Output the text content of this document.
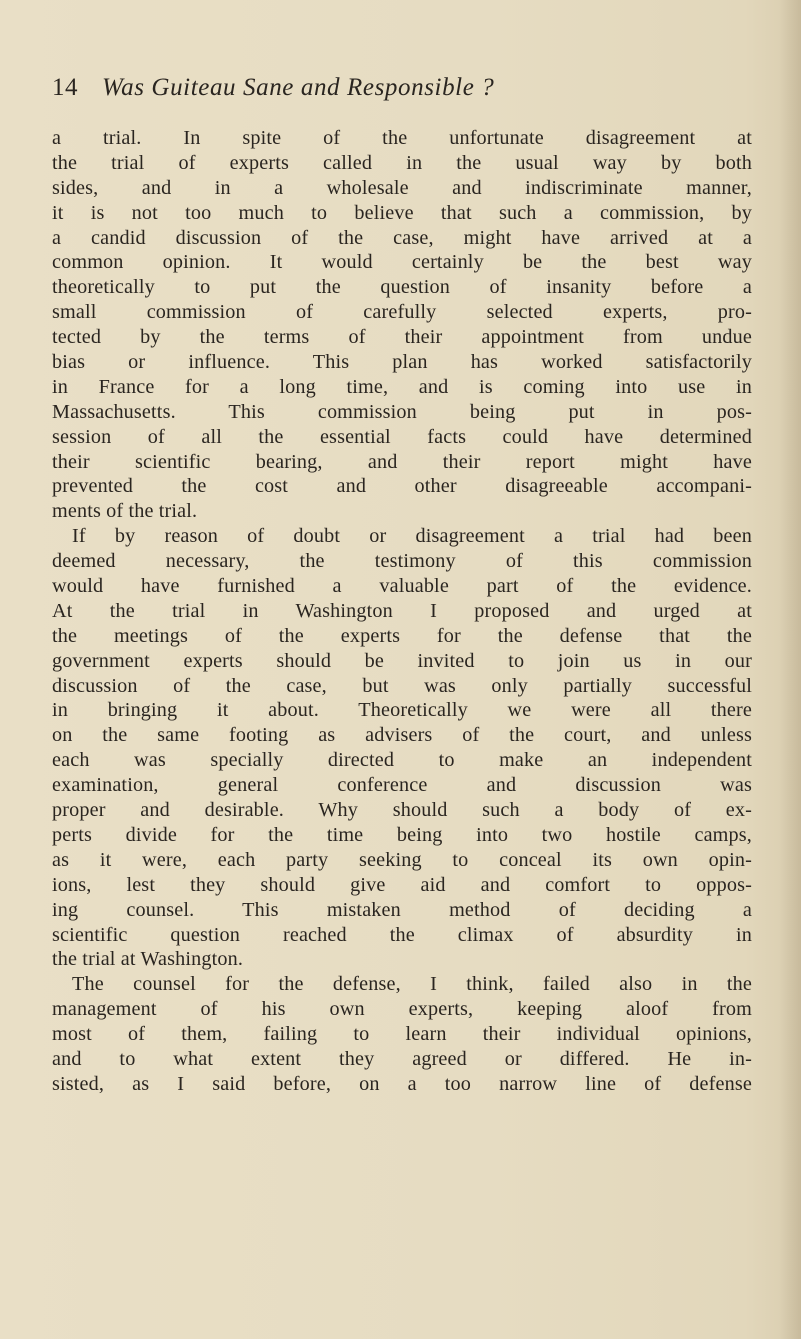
14 Was Guiteau Sane and Responsible ?
a trial. In spite of the unfortunate disagreement at
the trial of experts called in the usual way by both
sides, and in a wholesale and indiscriminate manner,
it is not too much to believe that such a commission, by
a candid discussion of the case, might have arrived at a
common opinion. It would certainly be the best way
theoretically to put the question of insanity before a
small commission of carefully selected experts, pro-
tected by the terms of their appointment from undue
bias or influence. This plan has worked satisfactorily
in France for a long time, and is coming into use in
Massachusetts. This commission being put in pos-
session of all the essential facts could have determined
their scientific bearing, and their report might have
prevented the cost and other disagreeable accompani-
ments of the trial.
If by reason of doubt or disagreement a trial had been
deemed necessary, the testimony of this commission
would have furnished a valuable part of the evidence.
At the trial in Washington I proposed and urged at
the meetings of the experts for the defense that the
government experts should be invited to join us in our
discussion of the case, but was only partially successful
in bringing it about. Theoretically we were all there
on the same footing as advisers of the court, and unless
each was specially directed to make an independent
examination, general conference and discussion was
proper and desirable. Why should such a body of ex-
perts divide for the time being into two hostile camps,
as it were, each party seeking to conceal its own opin-
ions, lest they should give aid and comfort to oppos-
ing counsel. This mistaken method of deciding a
scientific question reached the climax of absurdity in
the trial at Washington.
The counsel for the defense, I think, failed also in the
management of his own experts, keeping aloof from
most of them, failing to learn their individual opinions,
and to what extent they agreed or differed. He in-
sisted, as I said before, on a too narrow line of defense
